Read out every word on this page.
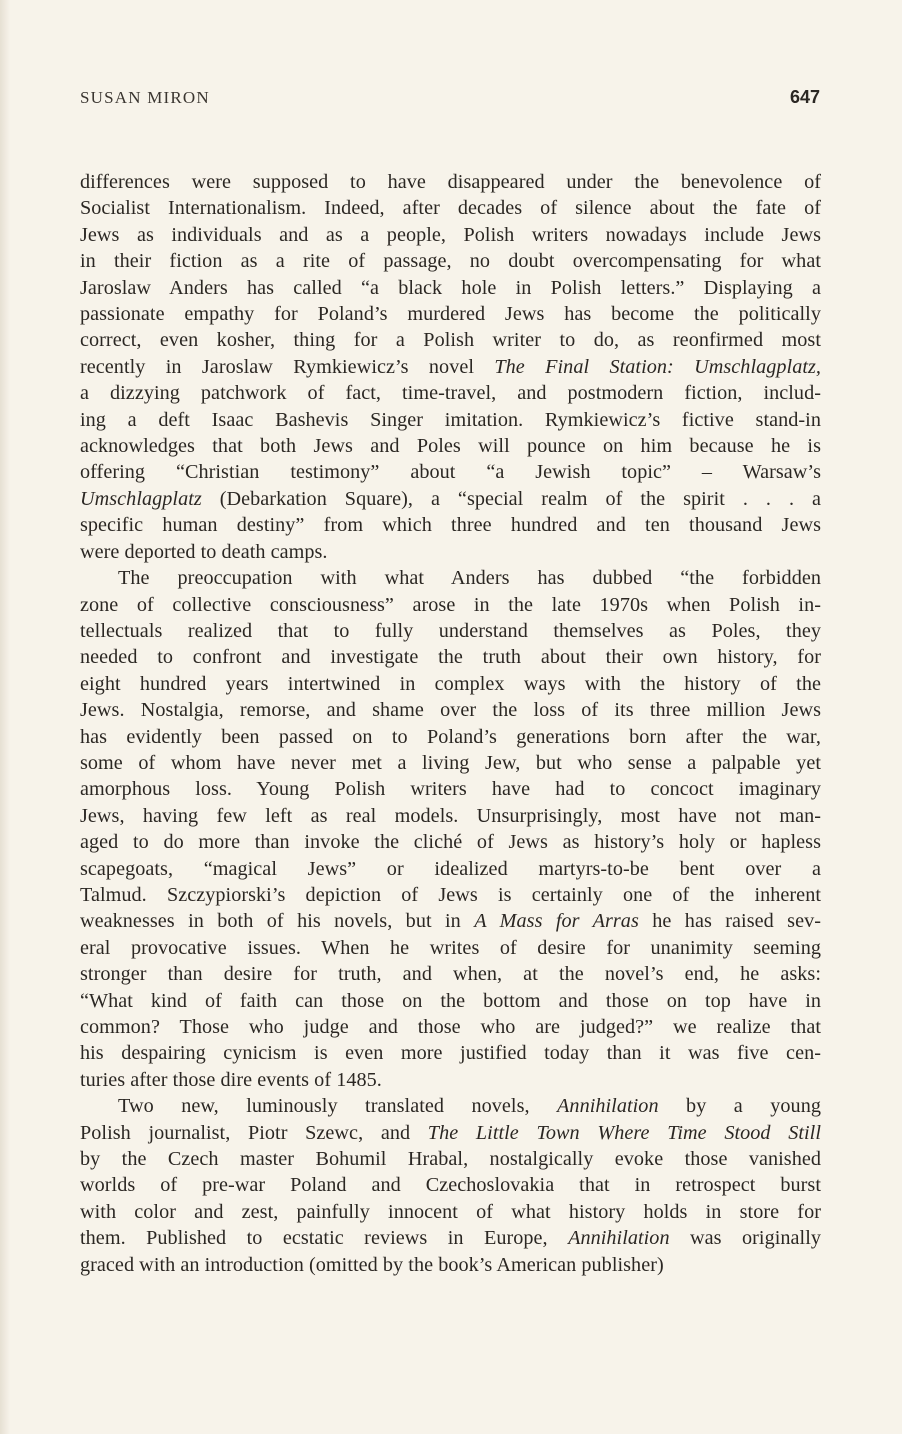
SUSAN MIRON	647
differences were supposed to have disappeared under the benevolence of
Socialist Internationalism. Indeed, after decades of silence about the fate of
Jews as individuals and as a people, Polish writers nowadays include Jews
in their fiction as a rite of passage, no doubt overcompensating for what
Jaroslaw Anders has called “a black hole in Polish letters.” Displaying a
passionate empathy for Poland’s murdered Jews has become the politically
correct, even kosher, thing for a Polish writer to do, as reonfirmed most
recently in Jaroslaw Rymkiewicz’s novel The Final Station: Umschlagplatz,
a dizzying patchwork of fact, time-travel, and postmodern fiction, includ-
ing a deft Isaac Bashevis Singer imitation. Rymkiewicz’s fictive stand-in
acknowledges that both Jews and Poles will pounce on him because he is
offering “Christian testimony” about “a Jewish topic” – Warsaw’s
Umschlagplatz (Debarkation Square), a “special realm of the spirit . . . a
specific human destiny” from which three hundred and ten thousand Jews
were deported to death camps.
The preoccupation with what Anders has dubbed “the forbidden
zone of collective consciousness” arose in the late 1970s when Polish in-
tellectuals realized that to fully understand themselves as Poles, they
needed to confront and investigate the truth about their own history, for
eight hundred years intertwined in complex ways with the history of the
Jews. Nostalgia, remorse, and shame over the loss of its three million Jews
has evidently been passed on to Poland’s generations born after the war,
some of whom have never met a living Jew, but who sense a palpable yet
amorphous loss. Young Polish writers have had to concoct imaginary
Jews, having few left as real models. Unsurprisingly, most have not man-
aged to do more than invoke the cliché of Jews as history’s holy or hapless
scapegoats, “magical Jews” or idealized martyrs-to-be bent over a
Talmud. Szczypiorski’s depiction of Jews is certainly one of the inherent
weaknesses in both of his novels, but in A Mass for Arras he has raised sev-
eral provocative issues. When he writes of desire for unanimity seeming
stronger than desire for truth, and when, at the novel’s end, he asks:
“What kind of faith can those on the bottom and those on top have in
common? Those who judge and those who are judged?” we realize that
his despairing cynicism is even more justified today than it was five cen-
turies after those dire events of 1485.
Two new, luminously translated novels, Annihilation by a young
Polish journalist, Piotr Szewc, and The Little Town Where Time Stood Still
by the Czech master Bohumil Hrabal, nostalgically evoke those vanished
worlds of pre-war Poland and Czechoslovakia that in retrospect burst
with color and zest, painfully innocent of what history holds in store for
them. Published to ecstatic reviews in Europe, Annihilation was originally
graced with an introduction (omitted by the book’s American publisher)
